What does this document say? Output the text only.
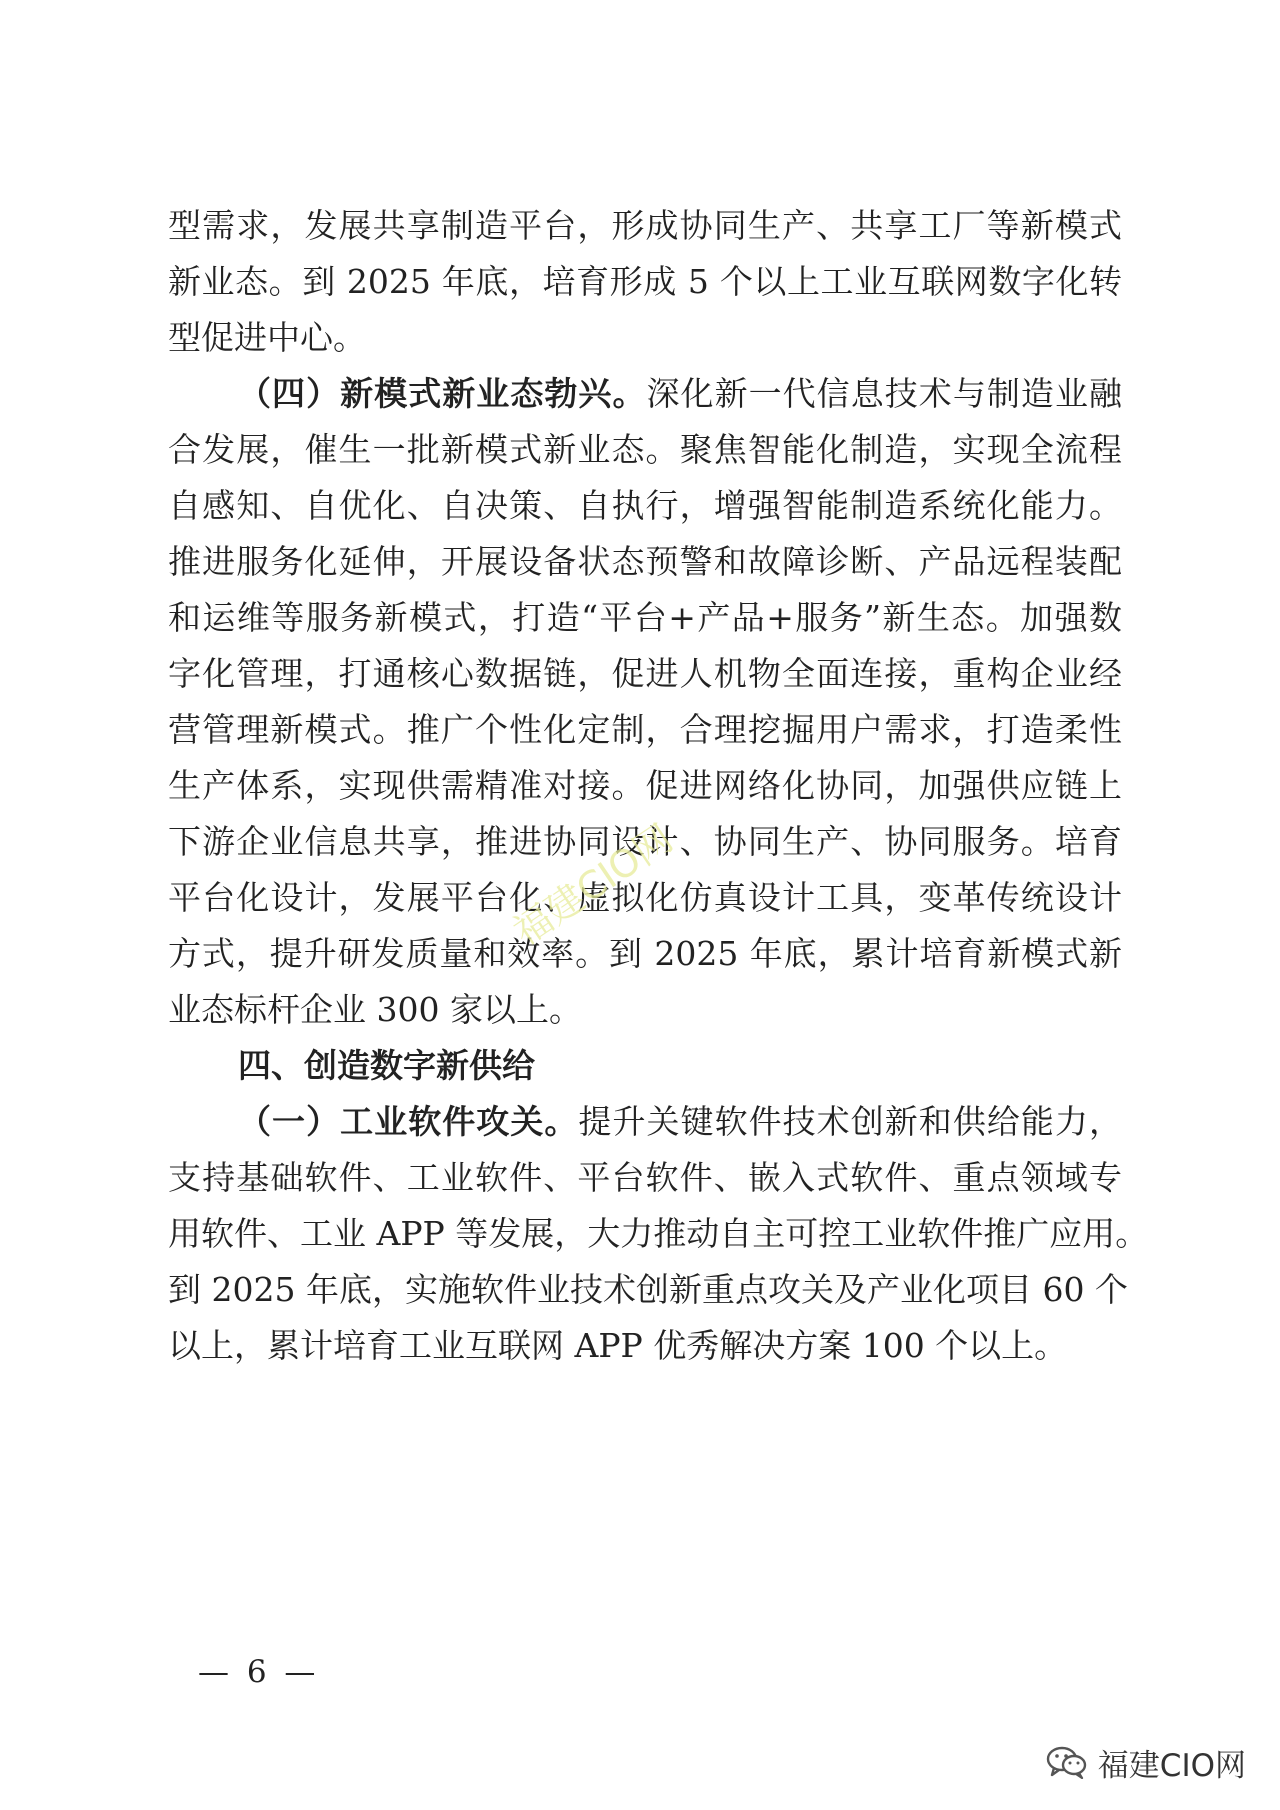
型需求，发展共享制造平台，形成协同生产、共享工厂等新模式
新业态。到 2025 年底，培育形成 5 个以上工业互联网数字化转
型促进中心。
（四）新模式新业态勃兴。深化新一代信息技术与制造业融
合发展，催生一批新模式新业态。聚焦智能化制造，实现全流程
自感知、自优化、自决策、自执行，增强智能制造系统化能力。
推进服务化延伸，开展设备状态预警和故障诊断、产品远程装配
和运维等服务新模式，打造“平台+产品+服务”新生态。加强数
字化管理，打通核心数据链，促进人机物全面连接，重构企业经
营管理新模式。推广个性化定制，合理挖掘用户需求，打造柔性
生产体系，实现供需精准对接。促进网络化协同，加强供应链上
下游企业信息共享，推进协同设计、协同生产、协同服务。培育
平台化设计，发展平台化、虚拟化仿真设计工具，变革传统设计
方式，提升研发质量和效率。到 2025 年底，累计培育新模式新
业态标杆企业 300 家以上。
四、创造数字新供给
（一）工业软件攻关。提升关键软件技术创新和供给能力，
支持基础软件、工业软件、平台软件、嵌入式软件、重点领域专
用软件、工业 APP 等发展，大力推动自主可控工业软件推广应用。
到 2025 年底，实施软件业技术创新重点攻关及产业化项目 60 个
以上，累计培育工业互联网 APP 优秀解决方案 100 个以上。
— 6 —
福建CIO网
福建CIO网
